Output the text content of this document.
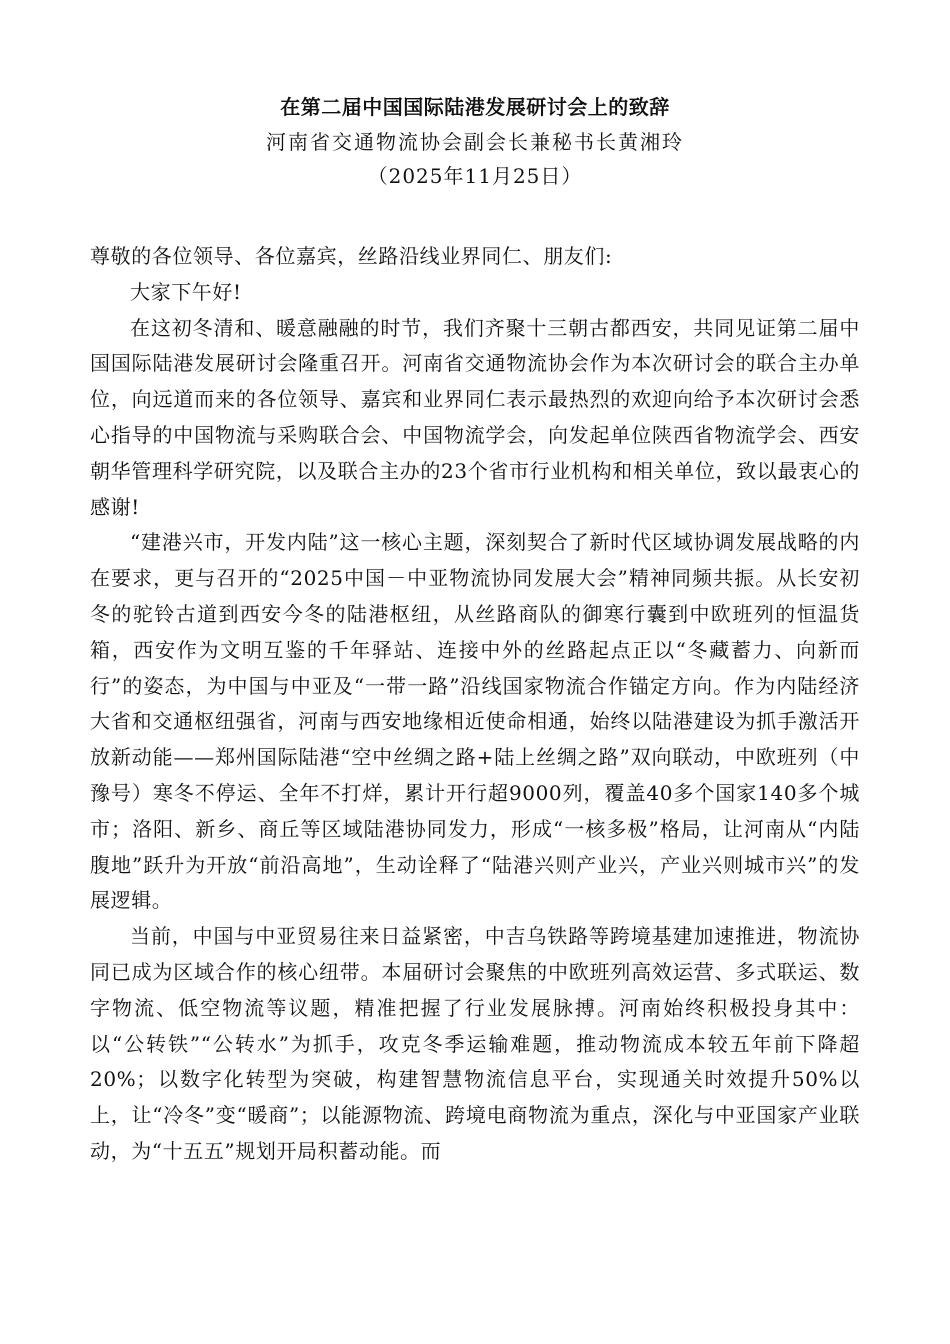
在第二届中国国际陆港发展研讨会上的致辞

河南省交通物流协会副会长兼秘书长黄湘玲

（2025年11月25日）

尊敬的各位领导、各位嘉宾，丝路沿线业界同仁、朋友们:

大家下午好!

在这初冬清和、暖意融融的时节，我们齐聚十三朝古都西安，共同见证第二届中国国际陆港发展研讨会隆重召开。河南省交通物流协会作为本次研讨会的联合主办单位，向远道而来的各位领导、嘉宾和业界同仁表示最热烈的欢迎向给予本次研讨会悉心指导的中国物流与采购联合会、中国物流学会，向发起单位陕西省物流学会、西安朝华管理科学研究院，以及联合主办的23个省市行业机构和相关单位，致以最衷心的感谢!

“建港兴市，开发内陆”这一核心主题，深刻契合了新时代区域协调发展战略的内在要求，更与召开的“2025中国－中亚物流协同发展大会”精神同频共振。从长安初冬的驼铃古道到西安今冬的陆港枢纽，从丝路商队的御寒行囊到中欧班列的恒温货箱，西安作为文明互鉴的千年驿站、连接中外的丝路起点正以“冬藏蓄力、向新而行”的姿态，为中国与中亚及“一带一路”沿线国家物流合作锚定方向。作为内陆经济大省和交通枢纽强省，河南与西安地缘相近使命相通，始终以陆港建设为抓手激活开放新动能——郑州国际陆港“空中丝绸之路+陆上丝绸之路”双向联动，中欧班列（中豫号）寒冬不停运、全年不打烊，累计开行超9000列，覆盖40多个国家140多个城市；洛阳、新乡、商丘等区域陆港协同发力，形成“一核多极”格局，让河南从“内陆腹地”跃升为开放“前沿高地”，生动诠释了“陆港兴则产业兴，产业兴则城市兴”的发展逻辑。

当前，中国与中亚贸易往来日益紧密，中吉乌铁路等跨境基建加速推进，物流协同已成为区域合作的核心纽带。本届研讨会聚焦的中欧班列高效运营、多式联运、数字物流、低空物流等议题，精准把握了行业发展脉搏。河南始终积极投身其中：以“公转铁”“公转水”为抓手，攻克冬季运输难题，推动物流成本较五年前下降超20%；以数字化转型为突破，构建智慧物流信息平台，实现通关时效提升50%以上，让“冷冬”变“暖商”；以能源物流、跨境电商物流为重点，深化与中亚国家产业联动，为“十五五”规划开局积蓄动能。而
